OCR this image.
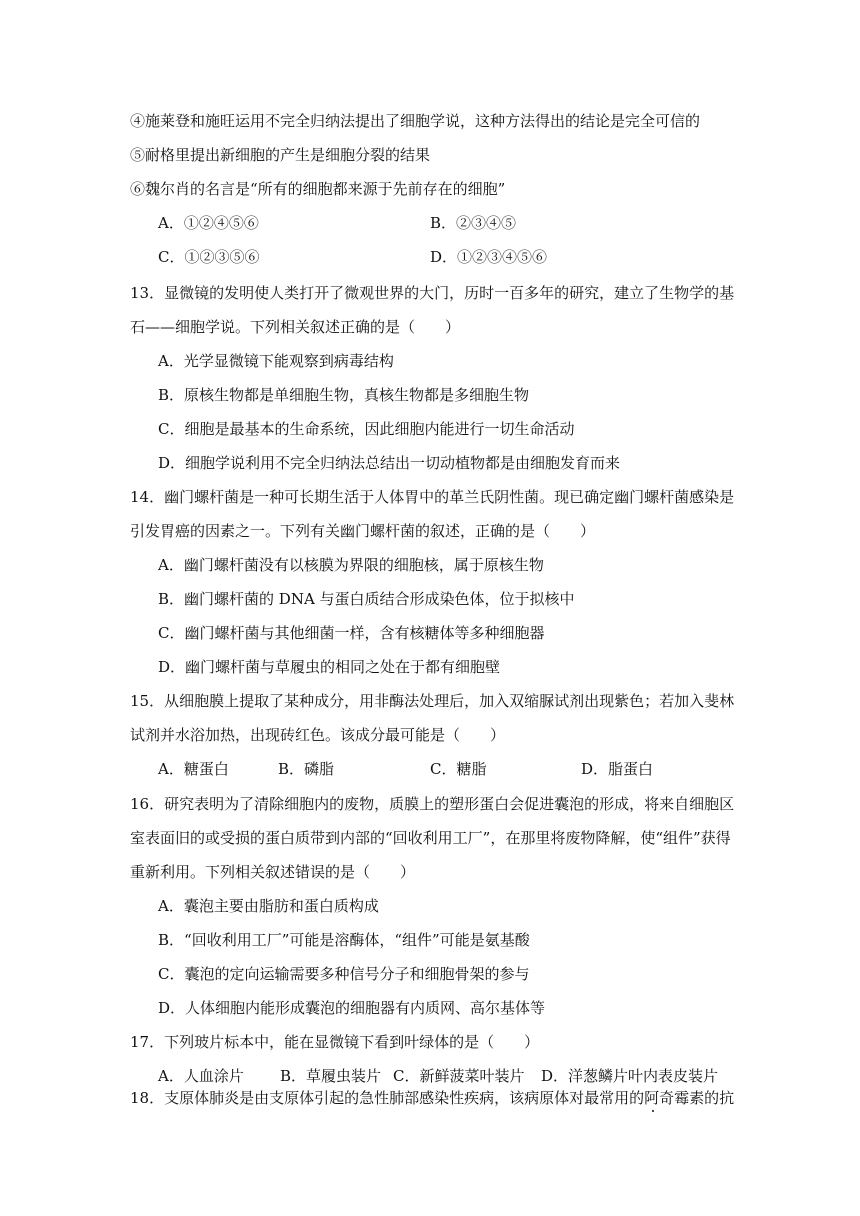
④施莱登和施旺运用不完全归纳法提出了细胞学说，这种方法得出的结论是完全可信的
⑤耐格里提出新细胞的产生是细胞分裂的结果
⑥魏尔肖的名言是“所有的细胞都来源于先前存在的细胞”
A．①②④⑤⑥	B．②③④⑤
C．①②③⑤⑥	D．①②③④⑤⑥
13．显微镜的发明使人类打开了微观世界的大门，历时一百多年的研究，建立了生物学的基
石——细胞学说。下列相关叙述正确的是（　　）
A．光学显微镜下能观察到病毒结构
B．原核生物都是单细胞生物，真核生物都是多细胞生物
C．细胞是最基本的生命系统，因此细胞内能进行一切生命活动
D．细胞学说利用不完全归纳法总结出一切动植物都是由细胞发育而来
14．幽门螺杆菌是一种可长期生活于人体胃中的革兰氏阴性菌。现已确定幽门螺杆菌感染是
引发胃癌的因素之一。下列有关幽门螺杆菌的叙述，正确的是（　　）
A．幽门螺杆菌没有以核膜为界限的细胞核，属于原核生物
B．幽门螺杆菌的 DNA 与蛋白质结合形成染色体，位于拟核中
C．幽门螺杆菌与其他细菌一样，含有核糖体等多种细胞器
D．幽门螺杆菌与草履虫的相同之处在于都有细胞壁
15．从细胞膜上提取了某种成分，用非酶法处理后，加入双缩脲试剂出现紫色；若加入斐林
试剂并水浴加热，出现砖红色。该成分最可能是（　　）
A．糖蛋白	B．磷脂	C．糖脂	D．脂蛋白
16．研究表明为了清除细胞内的废物，质膜上的塑形蛋白会促进囊泡的形成，将来自细胞区
室表面旧的或受损的蛋白质带到内部的“回收利用工厂”，在那里将废物降解，使“组件”获得
重新利用。下列相关叙述错误的是（　　）
A．囊泡主要由脂肪和蛋白质构成
B．“回收利用工厂”可能是溶酶体，“组件”可能是氨基酸
C．囊泡的定向运输需要多种信号分子和细胞骨架的参与
D．人体细胞内能形成囊泡的细胞器有内质网、高尔基体等
17．下列玻片标本中，能在显微镜下看到叶绿体的是（　　）
A．人血涂片 B．草履虫装片 C．新鲜菠菜叶装片 D．洋葱鳞片叶内表皮装片
18．支原体肺炎是由支原体引起的急性肺部感染性疾病，该病原体对最常用的阿奇霉素的抗
